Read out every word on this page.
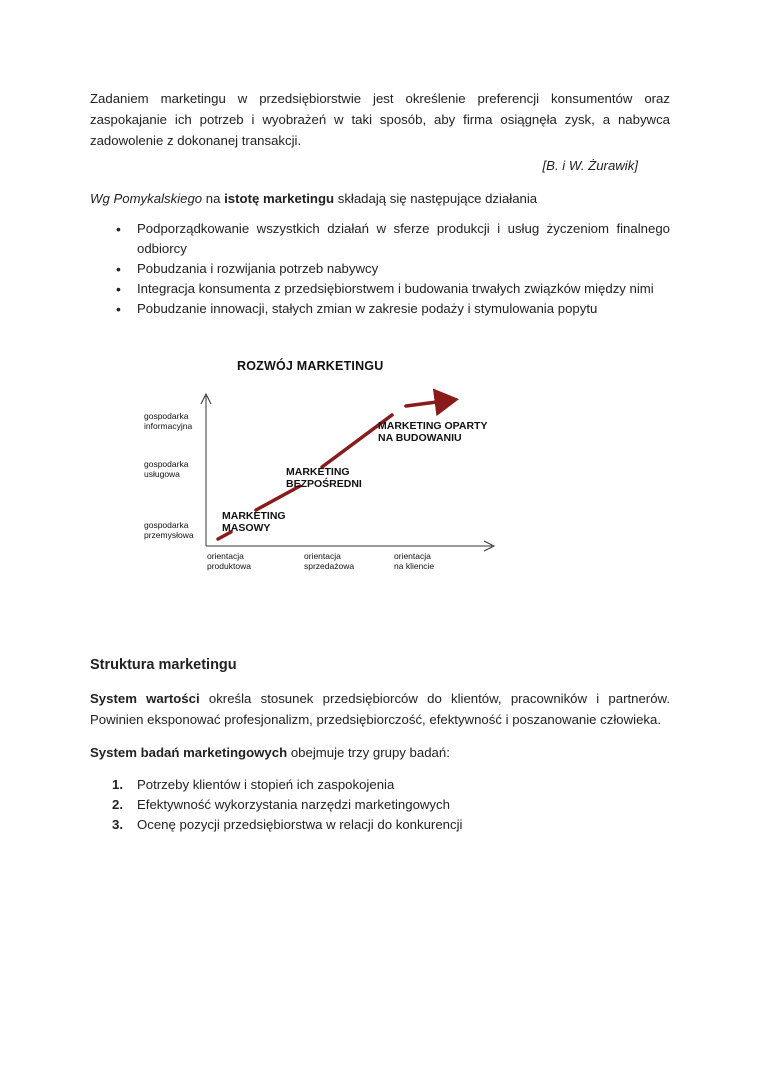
Zadaniem marketingu w przedsiębiorstwie jest określenie preferencji konsumentów oraz zaspokajanie ich potrzeb i wyobrażeń w taki sposób, aby firma osiągnęła zysk, a nabywca zadowolenie z dokonanej transakcji.

[B. i W. Żurawik]

Wg Pomykalskiego na istotę marketingu składają się następujące działania

• Podporządkowanie wszystkich działań w sferze produkcji i usług życzeniom finalnego odbiorcy
• Pobudzania i rozwijania potrzeb nabywcy
• Integracja konsumenta z przedsiębiorstwem i budowania trwałych związków między nimi
• Pobudzanie innowacji, stałych zmian w zakresie podaży i stymulowania popytu
ROZWÓJ MARKETINGU
gospodarka
informacyjna
gospodarka
usługowa
gospodarka
przemysłowa
orientacja
produktowa
orientacja
sprzedażowa
orientacja
na kliencie
MARKETING
MASOWY
MARKETING
BEZPOŚREDNI
MARKETING OPARTY
NA BUDOWANIU
Struktura marketingu

System wartości określa stosunek przedsiębiorców do klientów, pracowników i partnerów. Powinien eksponować profesjonalizm, przedsiębiorczość, efektywność i poszanowanie człowieka.

System badań marketingowych obejmuje trzy grupy badań:

1. Potrzeby klientów i stopień ich zaspokojenia
2. Efektywność wykorzystania narzędzi marketingowych
3. Ocenę pozycji przedsiębiorstwa w relacji do konkurencji
